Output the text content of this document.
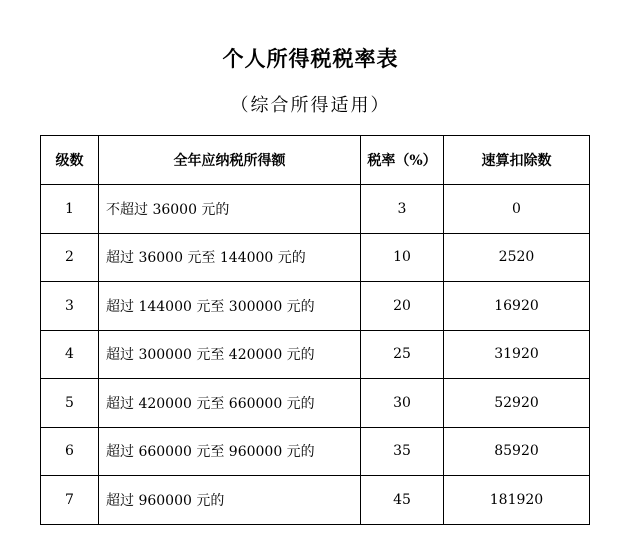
个人所得税税率表
（综合所得适用）
级数	全年应纳税所得额	税率（%）	速算扣除数
1	不超过 36000 元的	3	0
2	超过 36000 元至 144000 元的	10	2520
3	超过 144000 元至 300000 元的	20	16920
4	超过 300000 元至 420000 元的	25	31920
5	超过 420000 元至 660000 元的	30	52920
6	超过 660000 元至 960000 元的	35	85920
7	超过 960000 元的	45	181920
